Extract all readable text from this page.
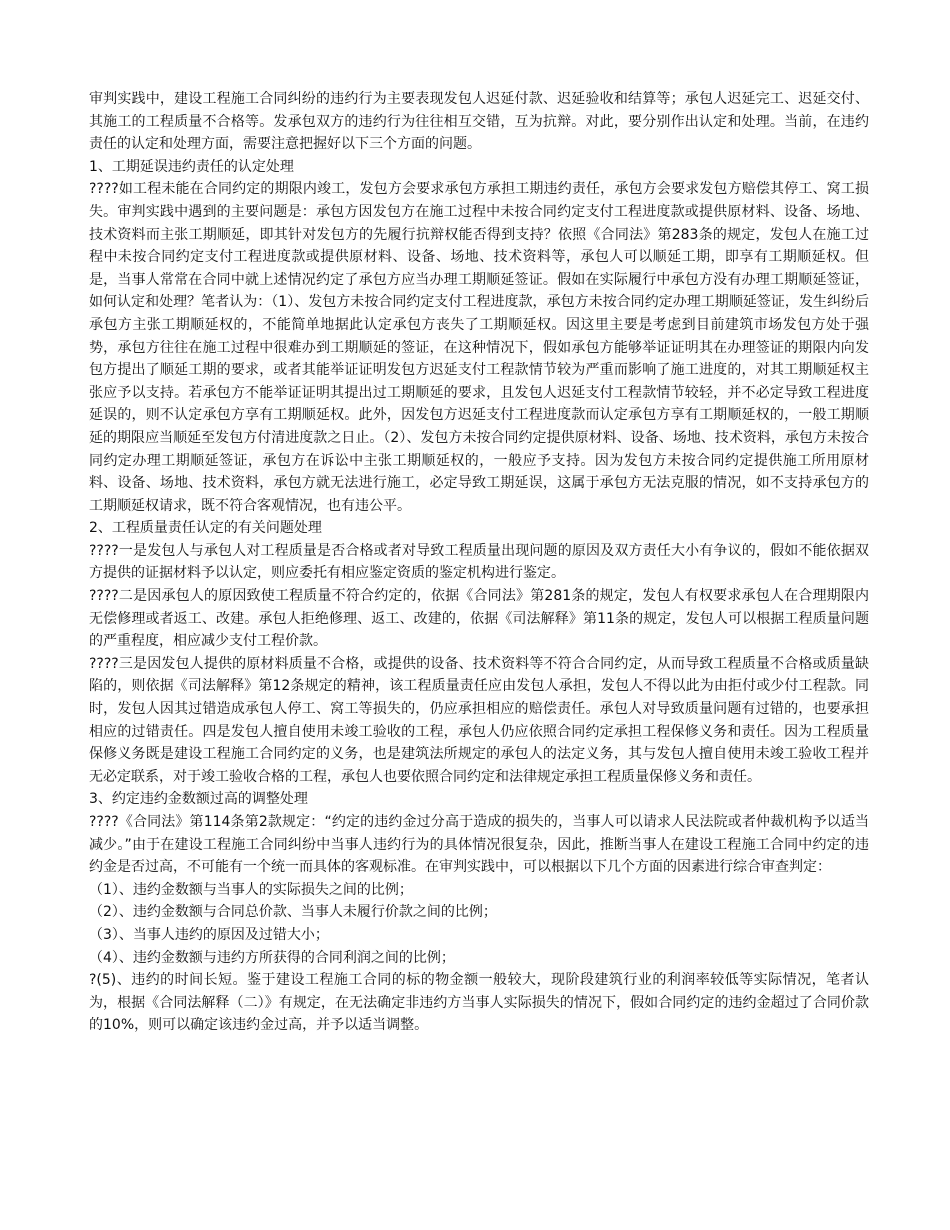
审判实践中，建设工程施工合同纠纷的违约行为主要表现发包人迟延付款、迟延验收和结算等；承包人迟延完工、迟延交付、其施工的工程质量不合格等。发承包双方的违约行为往往相互交错，互为抗辩。对此，要分别作出认定和处理。当前，在违约责任的认定和处理方面，需要注意把握好以下三个方面的问题。

1、工期延误违约责任的认定处理

????如工程未能在合同约定的期限内竣工，发包方会要求承包方承担工期违约责任，承包方会要求发包方赔偿其停工、窝工损失。审判实践中遇到的主要问题是：承包方因发包方在施工过程中未按合同约定支付工程进度款或提供原材料、设备、场地、技术资料而主张工期顺延，即其针对发包方的先履行抗辩权能否得到支持？依照《合同法》第283条的规定，发包人在施工过程中未按合同约定支付工程进度款或提供原材料、设备、场地、技术资料等，承包人可以顺延工期，即享有工期顺延权。但是，当事人常常在合同中就上述情况约定了承包方应当办理工期顺延签证。假如在实际履行中承包方没有办理工期顺延签证，如何认定和处理？笔者认为：（1）、发包方未按合同约定支付工程进度款，承包方未按合同约定办理工期顺延签证，发生纠纷后承包方主张工期顺延权的，不能简单地据此认定承包方丧失了工期顺延权。因这里主要是考虑到目前建筑市场发包方处于强势，承包方往往在施工过程中很难办到工期顺延的签证，在这种情况下，假如承包方能够举证证明其在办理签证的期限内向发包方提出了顺延工期的要求，或者其能举证证明发包方迟延支付工程款情节较为严重而影响了施工进度的，对其工期顺延权主张应予以支持。若承包方不能举证证明其提出过工期顺延的要求，且发包人迟延支付工程款情节较轻，并不必定导致工程进度延误的，则不认定承包方享有工期顺延权。此外，因发包方迟延支付工程进度款而认定承包方享有工期顺延权的，一般工期顺延的期限应当顺延至发包方付清进度款之日止。（2）、发包方未按合同约定提供原材料、设备、场地、技术资料，承包方未按合同约定办理工期顺延签证，承包方在诉讼中主张工期顺延权的，一般应予支持。因为发包方未按合同约定提供施工所用原材料、设备、场地、技术资料，承包方就无法进行施工，必定导致工期延误，这属于承包方无法克服的情况，如不支持承包方的工期顺延权请求，既不符合客观情况，也有违公平。

2、工程质量责任认定的有关问题处理

????一是发包人与承包人对工程质量是否合格或者对导致工程质量出现问题的原因及双方责任大小有争议的，假如不能依据双方提供的证据材料予以认定，则应委托有相应鉴定资质的鉴定机构进行鉴定。

????二是因承包人的原因致使工程质量不符合约定的，依据《合同法》第281条的规定，发包人有权要求承包人在合理期限内无偿修理或者返工、改建。承包人拒绝修理、返工、改建的，依据《司法解释》第11条的规定，发包人可以根据工程质量问题的严重程度，相应减少支付工程价款。

????三是因发包人提供的原材料质量不合格，或提供的设备、技术资料等不符合合同约定，从而导致工程质量不合格或质量缺陷的，则依据《司法解释》第12条规定的精神，该工程质量责任应由发包人承担，发包人不得以此为由拒付或少付工程款。同时，发包人因其过错造成承包人停工、窝工等损失的，仍应承担相应的赔偿责任。承包人对导致质量问题有过错的，也要承担相应的过错责任。四是发包人擅自使用未竣工验收的工程，承包人仍应依照合同约定承担工程保修义务和责任。因为工程质量保修义务既是建设工程施工合同约定的义务，也是建筑法所规定的承包人的法定义务，其与发包人擅自使用未竣工验收工程并无必定联系，对于竣工验收合格的工程，承包人也要依照合同约定和法律规定承担工程质量保修义务和责任。

3、约定违约金数额过高的调整处理

????《合同法》第114条第2款规定：“约定的违约金过分高于造成的损失的，当事人可以请求人民法院或者仲裁机构予以适当减少。”由于在建设工程施工合同纠纷中当事人违约行为的具体情况很复杂，因此，推断当事人在建设工程施工合同中约定的违约金是否过高，不可能有一个统一而具体的客观标准。在审判实践中，可以根据以下几个方面的因素进行综合审查判定：

（1）、违约金数额与当事人的实际损失之间的比例；

（2）、违约金数额与合同总价款、当事人未履行价款之间的比例；

（3）、当事人违约的原因及过错大小；

（4）、违约金数额与违约方所获得的合同利润之间的比例；

?(5)、违约的时间长短。鉴于建设工程施工合同的标的物金额一般较大，现阶段建筑行业的利润率较低等实际情况，笔者认为，根据《合同法解释（二）》有规定，在无法确定非违约方当事人实际损失的情况下，假如合同约定的违约金超过了合同价款的10%，则可以确定该违约金过高，并予以适当调整。
